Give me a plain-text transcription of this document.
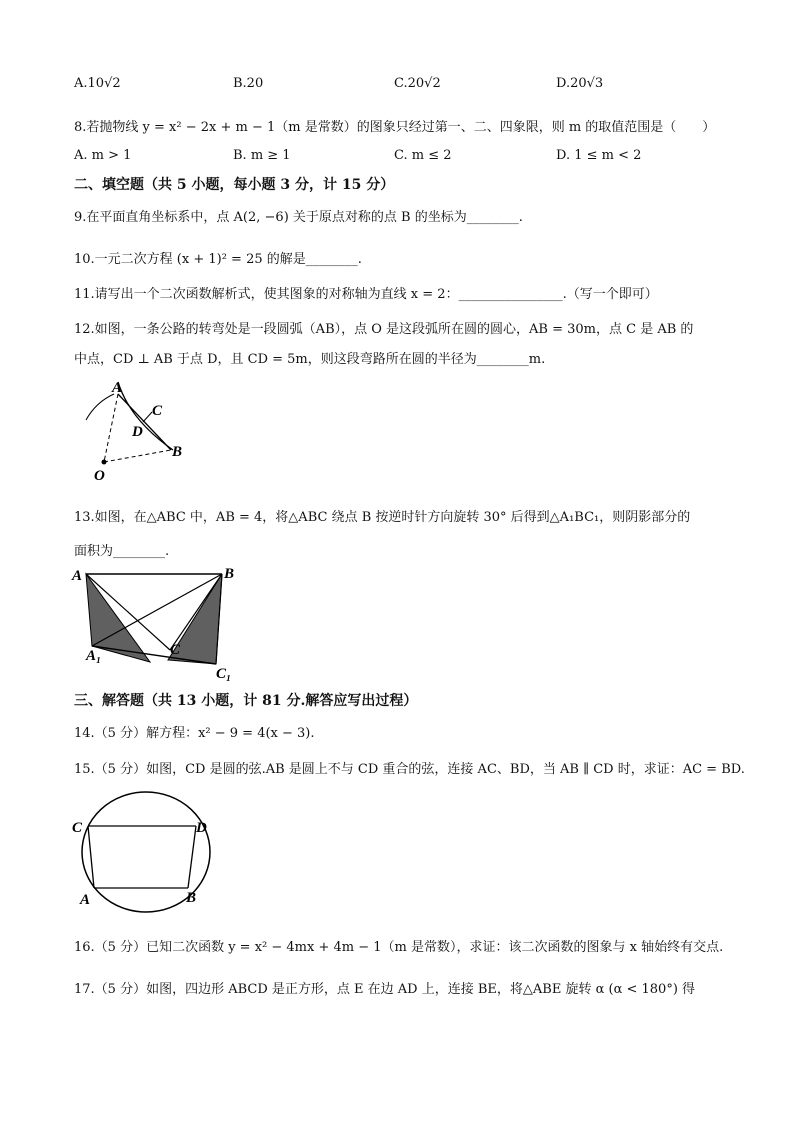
A.10√2	B.20	C.20√2	D.20√3
8.若抛物线 y = x² − 2x + m − 1（m 是常数）的图象只经过第一、二、四象限，则 m 的取值范围是（　　）
A. m > 1	B. m ≥ 1	C. m ≤ 2	D. 1 ≤ m < 2
二、填空题（共 5 小题，每小题 3 分，计 15 分）
9.在平面直角坐标系中，点 A(2, −6) 关于原点对称的点 B 的坐标为________.
10.一元二次方程 (x + 1)² = 25 的解是________.
11.请写出一个二次函数解析式，使其图象的对称轴为直线 x = 2：________________.（写一个即可）
12.如图，一条公路的转弯处是一段圆弧（AB），点 O 是这段弧所在圆的圆心，AB = 30m，点 C 是 AB 的
中点，CD ⊥ AB 于点 D，且 CD = 5m，则这段弯路所在圆的半径为________m.
A
C
D
B
O
13.如图，在△ABC 中，AB = 4，将△ABC 绕点 B 按逆时针方向旋转 30° 后得到△A₁BC₁，则阴影部分的
面积为________.
A	B
C
A₁
C₁
三、解答题（共 13 小题，计 81 分.解答应写出过程）
14.（5 分）解方程：x² − 9 = 4(x − 3).
15.（5 分）如图，CD 是圆的弦.AB 是圆上不与 CD 重合的弦，连接 AC、BD，当 AB ∥ CD 时，求证：AC = BD.
C	D
A	B
16.（5 分）已知二次函数 y = x² − 4mx + 4m − 1（m 是常数），求证：该二次函数的图象与 x 轴始终有交点.
17.（5 分）如图，四边形 ABCD 是正方形，点 E 在边 AD 上，连接 BE，将△ABE 旋转 α (α < 180°) 得
